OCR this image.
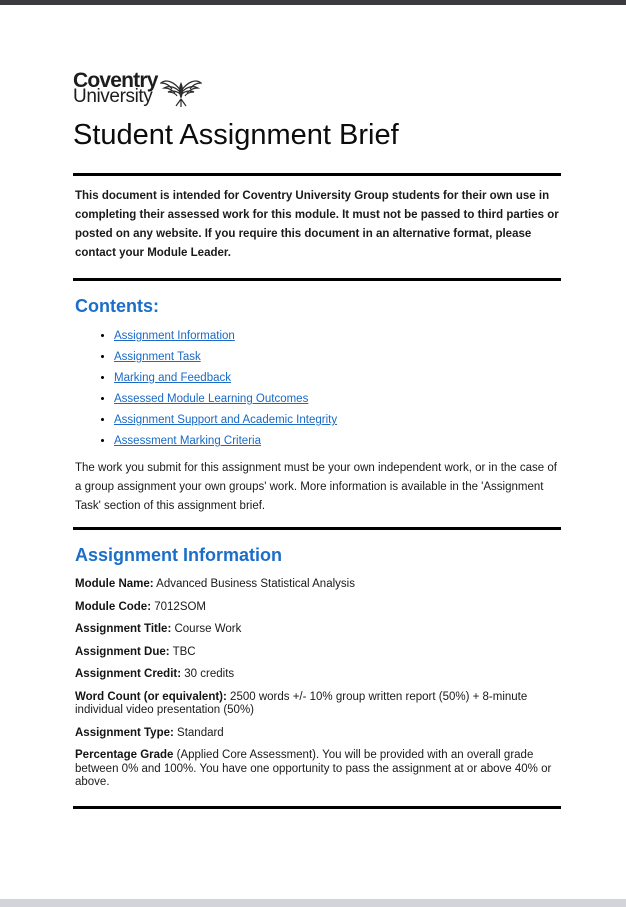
Coventry
University
Student Assignment Brief

This document is intended for Coventry University Group students for their own use in completing their assessed work for this module. It must not be passed to third parties or posted on any website. If you require this document in an alternative format, please contact your Module Leader.

Contents:
• Assignment Information
• Assignment Task
• Marking and Feedback
• Assessed Module Learning Outcomes
• Assignment Support and Academic Integrity
• Assessment Marking Criteria

The work you submit for this assignment must be your own independent work, or in the case of a group assignment your own groups' work. More information is available in the 'Assignment Task' section of this assignment brief.

Assignment Information

Module Name: Advanced Business Statistical Analysis

Module Code: 7012SOM

Assignment Title: Course Work

Assignment Due: TBC

Assignment Credit: 30 credits

Word Count (or equivalent): 2500 words +/- 10% group written report (50%) + 8-minute individual video presentation (50%)

Assignment Type: Standard

Percentage Grade (Applied Core Assessment). You will be provided with an overall grade between 0% and 100%. You have one opportunity to pass the assignment at or above 40% or above.
